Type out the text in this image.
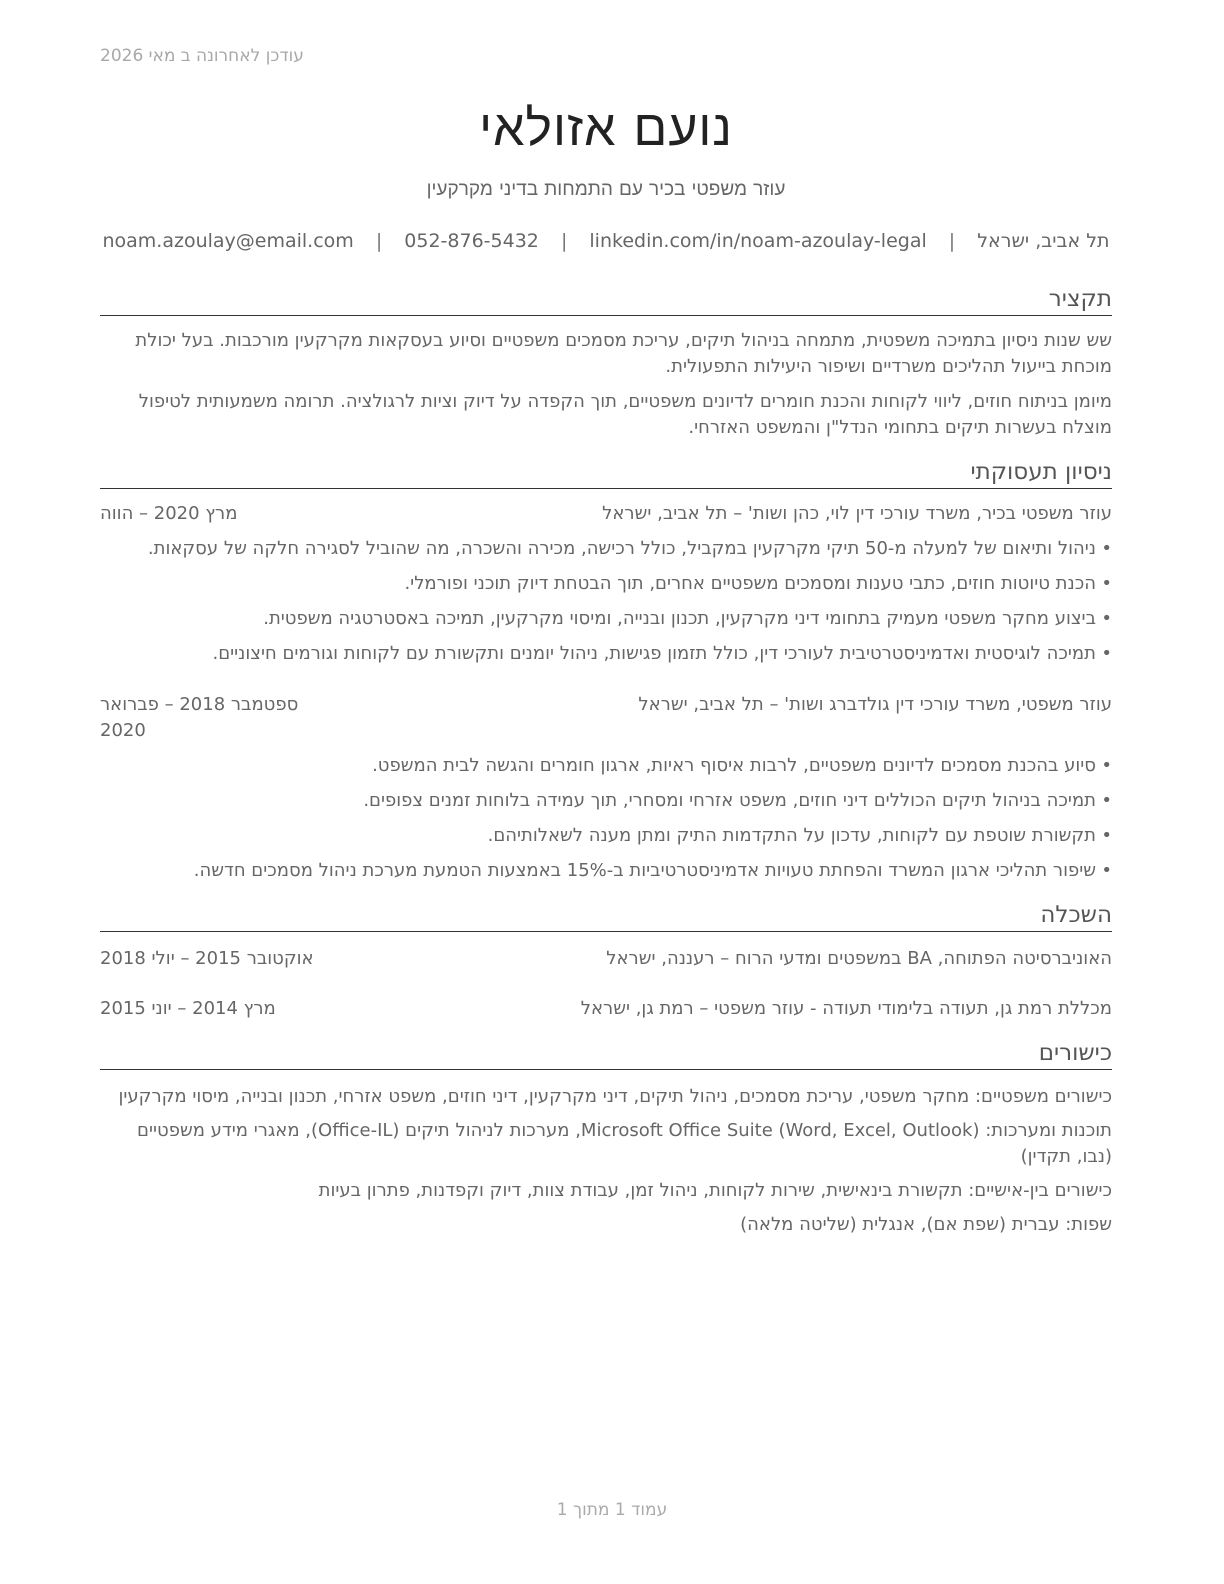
עודכן לאחרונה ב מאי 2026
נועם אזולאי
עוזר משפטי בכיר עם התמחות בדיני מקרקעין
תל אביב, ישראל | noam.azoulay@email.com | 052-876-5432 | linkedin.com/in/noam-azoulay-legal
תקציר

שש שנות ניסיון בתמיכה משפטית, מתמחה בניהול תיקים, עריכת מסמכים משפטיים וסיוע בעסקאות מקרקעין מורכבות. בעל יכולת מוכחת בייעול תהליכים משרדיים ושיפור היעילות התפעולית.

מיומן בניתוח חוזים, ליווי לקוחות והכנת חומרים לדיונים משפטיים, תוך הקפדה על דיוק וציות לרגולציה. תרומה משמעותית לטיפול מוצלח בעשרות תיקים בתחומי הנדל"ן והמשפט האזרחי.

ניסיון תעסוקתי
עוזר משפטי בכיר, משרד עורכי דין לוי, כהן ושות' – תל אביב, ישראל
מרץ 2020 – הווה
• ניהול ותיאום של למעלה מ-50 תיקי מקרקעין במקביל, כולל רכישה, מכירה והשכרה, מה שהוביל לסגירה חלקה של עסקאות.
• הכנת טיוטות חוזים, כתבי טענות ומסמכים משפטיים אחרים, תוך הבטחת דיוק תוכני ופורמלי.
• ביצוע מחקר משפטי מעמיק בתחומי דיני מקרקעין, תכנון ובנייה, ומיסוי מקרקעין, תמיכה באסטרטגיה משפטית.
• תמיכה לוגיסטית ואדמיניסטרטיבית לעורכי דין, כולל תזמון פגישות, ניהול יומנים ותקשורת עם לקוחות וגורמים חיצוניים.
עוזר משפטי, משרד עורכי דין גולדברג ושות' – תל אביב, ישראל
ספטמבר 2018 – פברואר 2020
• סיוע בהכנת מסמכים לדיונים משפטיים, לרבות איסוף ראיות, ארגון חומרים והגשה לבית המשפט.
• תמיכה בניהול תיקים הכוללים דיני חוזים, משפט אזרחי ומסחרי, תוך עמידה בלוחות זמנים צפופים.
• תקשורת שוטפת עם לקוחות, עדכון על התקדמות התיק ומתן מענה לשאלותיהם.
• שיפור תהליכי ארגון המשרד והפחתת טעויות אדמיניסטרטיביות ב-15% באמצעות הטמעת מערכת ניהול מסמכים חדשה.
השכלה
האוניברסיטה הפתוחה, BA במשפטים ומדעי הרוח – רעננה, ישראל
אוקטובר 2015 – יולי 2018
מכללת רמת גן, תעודה בלימודי תעודה - עוזר משפטי – רמת גן, ישראל
מרץ 2014 – יוני 2015
כישורים
כישורים משפטיים: מחקר משפטי, עריכת מסמכים, ניהול תיקים, דיני מקרקעין, דיני חוזים, משפט אזרחי, תכנון ובנייה, מיסוי מקרקעין
תוכנות ומערכות: Microsoft Office Suite (Word, Excel, Outlook), מערכות לניהול תיקים (Office-IL), מאגרי מידע משפטיים (נבו, תקדין)
כישורים בין-אישיים: תקשורת בינאישית, שירות לקוחות, ניהול זמן, עבודת צוות, דיוק וקפדנות, פתרון בעיות
שפות: עברית (שפת אם), אנגלית (שליטה מלאה)
עמוד 1 מתוך 1
